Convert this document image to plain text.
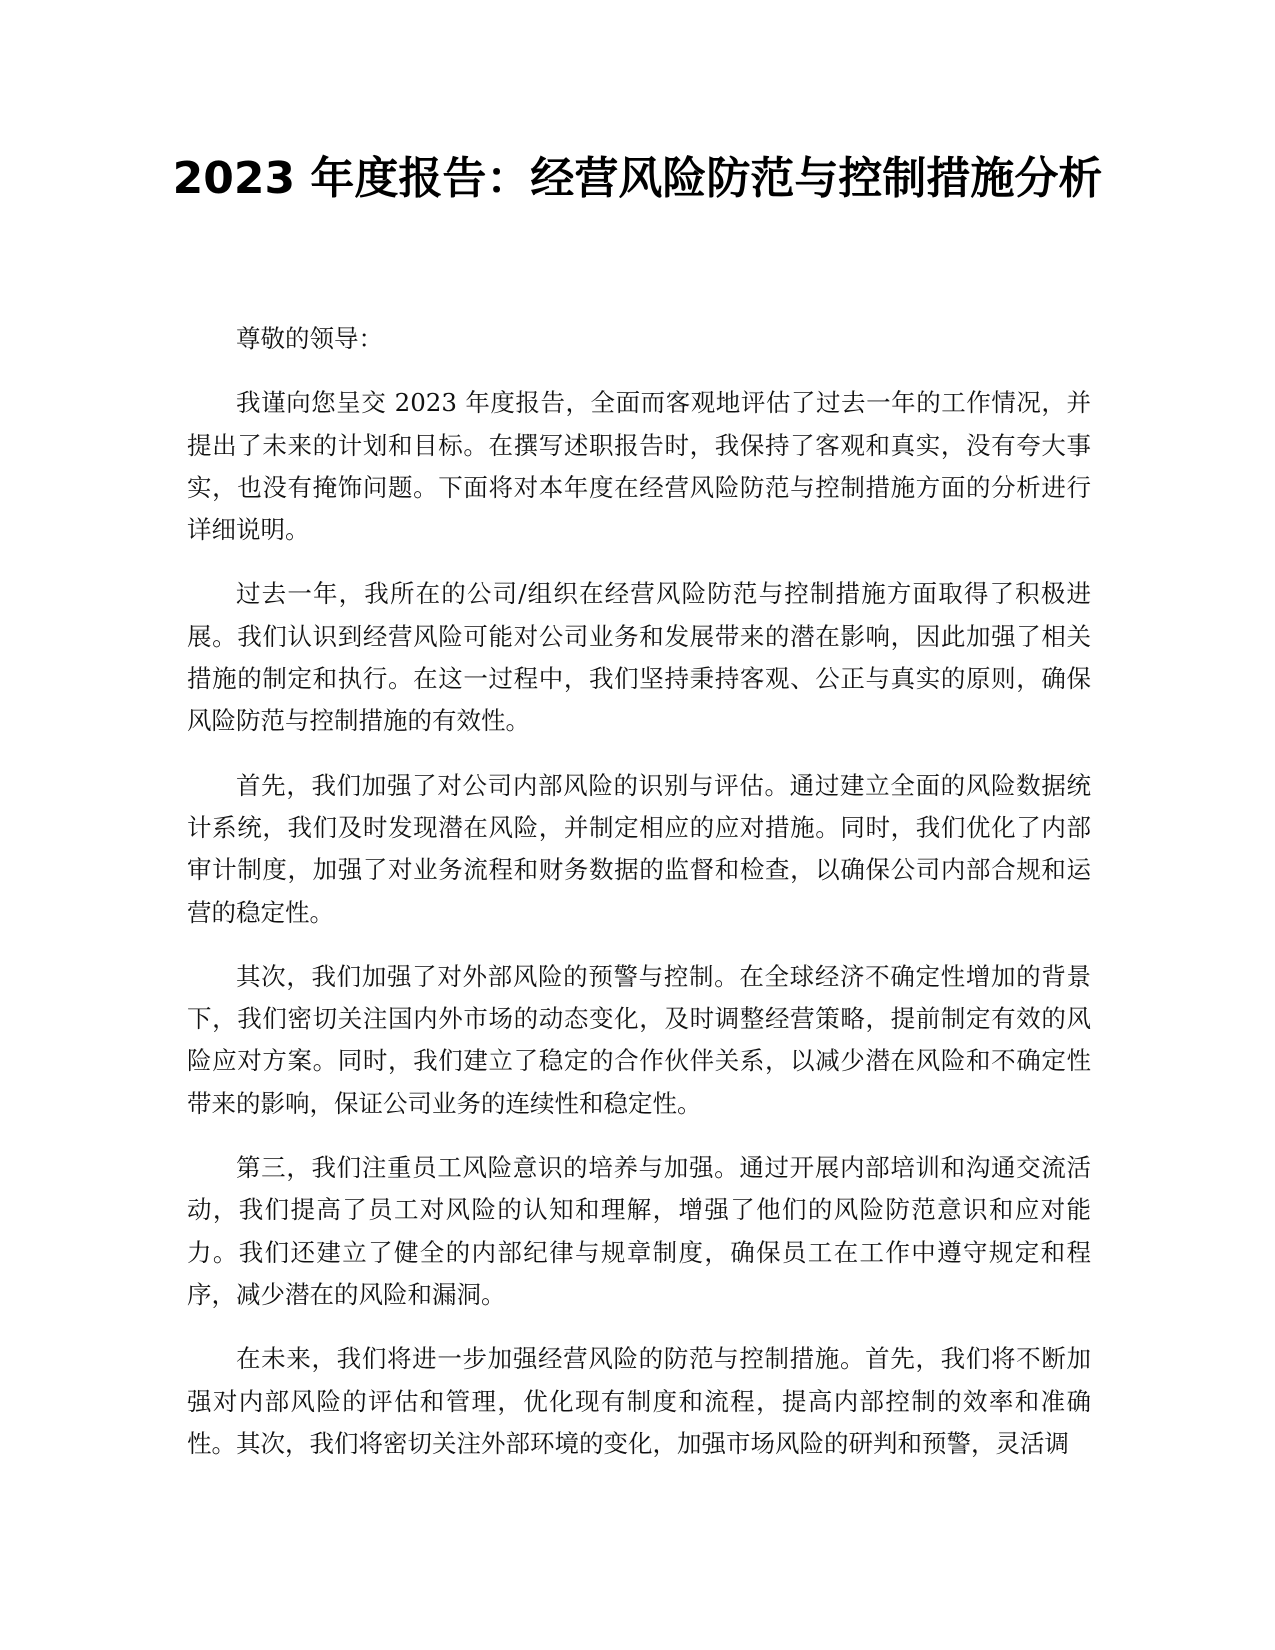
2023 年度报告：经营风险防范与控制措施分析

尊敬的领导：

我谨向您呈交 2023 年度报告，全面而客观地评估了过去一年的工作情况，并提出了未来的计划和目标。在撰写述职报告时，我保持了客观和真实，没有夸大事实，也没有掩饰问题。下面将对本年度在经营风险防范与控制措施方面的分析进行详细说明。

过去一年，我所在的公司/组织在经营风险防范与控制措施方面取得了积极进展。我们认识到经营风险可能对公司业务和发展带来的潜在影响，因此加强了相关措施的制定和执行。在这一过程中，我们坚持秉持客观、公正与真实的原则，确保风险防范与控制措施的有效性。

首先，我们加强了对公司内部风险的识别与评估。通过建立全面的风险数据统计系统，我们及时发现潜在风险，并制定相应的应对措施。同时，我们优化了内部审计制度，加强了对业务流程和财务数据的监督和检查，以确保公司内部合规和运营的稳定性。

其次，我们加强了对外部风险的预警与控制。在全球经济不确定性增加的背景下，我们密切关注国内外市场的动态变化，及时调整经营策略，提前制定有效的风险应对方案。同时，我们建立了稳定的合作伙伴关系，以减少潜在风险和不确定性带来的影响，保证公司业务的连续性和稳定性。

第三，我们注重员工风险意识的培养与加强。通过开展内部培训和沟通交流活动，我们提高了员工对风险的认知和理解，增强了他们的风险防范意识和应对能力。我们还建立了健全的内部纪律与规章制度，确保员工在工作中遵守规定和程序，减少潜在的风险和漏洞。

在未来，我们将进一步加强经营风险的防范与控制措施。首先，我们将不断加强对内部风险的评估和管理，优化现有制度和流程，提高内部控制的效率和准确性。其次，我们将密切关注外部环境的变化，加强市场风险的研判和预警，灵活调
